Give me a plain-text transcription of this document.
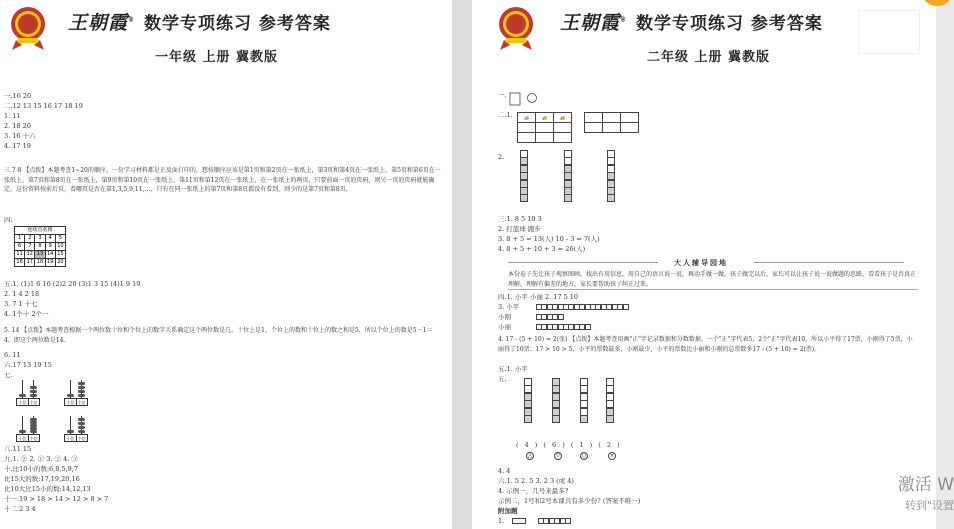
王朝霞® 数学专项练习 参考答案
一年级 上册 冀教版
一.16 20
二.12 13 15 16 17 18 19
1. 11
2. 18 20
3. 16 十六
4. 17 19
三.7 8 【点拨】本题考查1~20的顺序。一份学习材料都是正反面打印的，想按顺序应该是第1页和第2页在一张纸上，第3页和第4页在一张纸上，第5页和第6页在一张纸上，第7页和第8页在一张纸上，第9页和第10页在一张纸上，第11页和第12页在一张纸上，在一张纸上的两页，只要前面一页的页码，则另一页的页码就能确定。这份资料按前后页，看哪页是否在第1,3,5,9,11,…，只有在同一张纸上的第7页和第8页都没有看到，则少的是第7页和第8页。
四.
连续首名剧				
1	2	3	4	5
6	7	8	9	10
11	12	13	14	15
16	17	18	19	20
五.1. (1)1 6 16 (2)2 20 (3)1 3 15 (4)1 9 19
2. 1 4 2 18
3. 7 1 十七
4. 1个十 2个一
5. 14 【点拨】本题考查根据一个两位数十位和个位上的数字关系确定这个两位数是几。十位上是1，个位上的数和十位上的数之和是5，所以个位上的数是5－1＝4，即这个两位数是14。
6. 11
六.17 13 19 15
七.
十位 个位	十位 个位
十位 个位	十位 个位
八.11 15
九.1. ② 2. ① 3. ② 4. ③
十.比10小的数:6,8,5,9,7
比15大的数:17,19,20,16
比10大比15小的数:14,12,13
十一.19 > 18 > 14 > 12 > 8 > 7
十二.2 3 4
王朝霞® 数学专项练习 参考答案
二年级 上册 冀教版
一.
二.1.	🚚	🚚	🚚

2.
三.1. 8 5 10 3
2. 打篮球 跑步
3. 8 + 5 = 13(人) 10 - 3 = 7(人)
4. 8 + 5 + 10 + 3 = 26(人)
大人辅导园地
本份卷子先让孩子观察图画，找出有用信息，用自己的语言说一说，再动手做一做。孩子做完以后，家长可以让孩子说一说做题的思路，看看孩子是否真正理解，理解有偏差的地方，家长要帮助孩子纠正过来。
四.1. 小平 小丽 2. 17 5 10
3. 小平
小刚
小丽
4. 17 - (5 + 10) = 2(张) 【点拨】本题考查用画"正"字记录数据和分数数据。一个"正"字代表5，2个"正"字代表10，所以小平得了17票，小刚得了5票，小丽得了10票；17 > 10 > 5，小平的票数最多，小刚最少，小平的票数比小丽和小刚的总票数多17 - (5 + 10) = 2(票)。
五.1. 小平
五.
( 4 ) ( 6 ) ( 1 ) ( 2 )
△	▽	○	×
4. 4
六.1. 5 2. 5 3. 2 3 (或 4)
4. 示例一，几号来最多?
示例二，1号和2号本课共有多少份? (答案不唯一)
附加题
1.
激活 W
转到"设置
